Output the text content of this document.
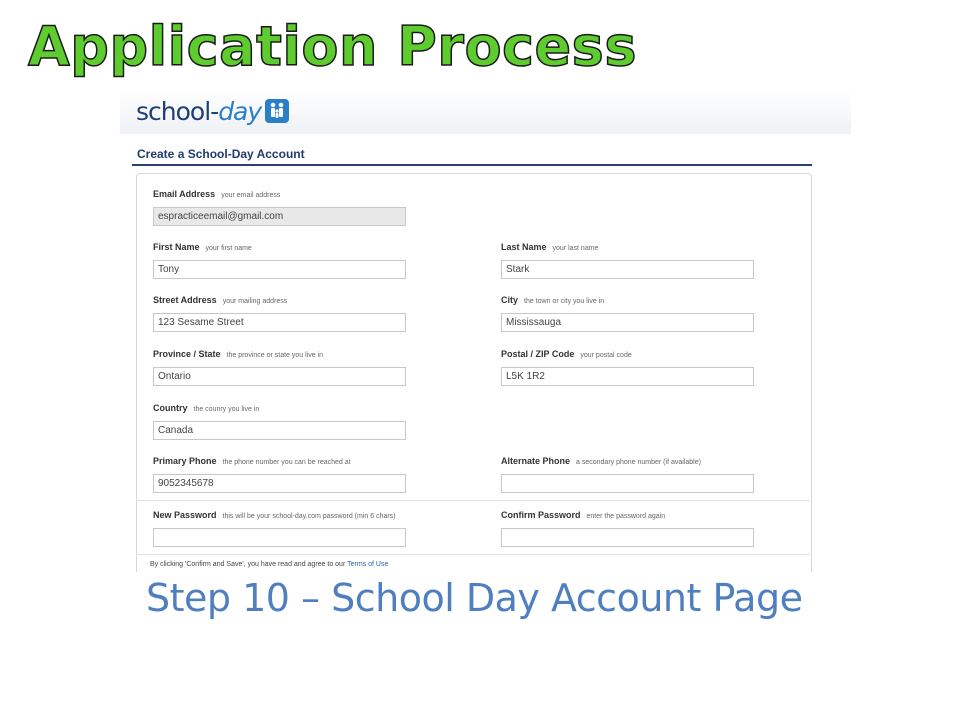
Application Process
school-day
Create a School-Day Account
Email Address your email address
espracticeemail@gmail.com
First Name your first name
Tony
Last Name your last name
Stark
Street Address your mailing address
123 Sesame Street
City the town or city you live in
Mississauga
Province / State the province or state you live in
Ontario
Postal / ZIP Code your postal code
L5K 1R2
Country the counry you live in
Canada
Primary Phone the phone number you can be reached at
9052345678
Alternate Phone a secondary phone number (if available)
New Password this will be your school-day.com password (min 6 chars)	Confirm Password enter the password again
By clicking 'Confirm and Save', you have read and agree to our Terms of Use
Step 10 – School Day Account Page
